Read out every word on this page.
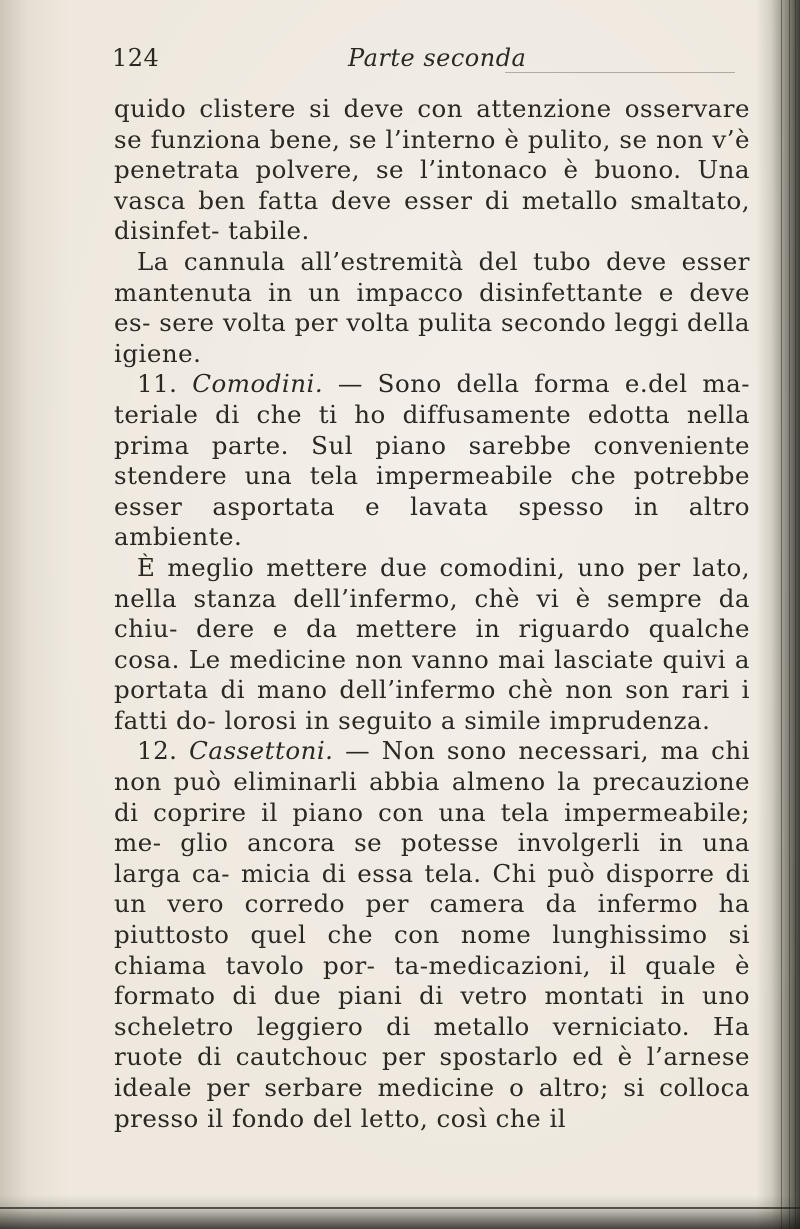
124	Parte seconda

quido clistere si deve con attenzione osservare se funziona bene, se l’interno è pulito, se non v’è penetrata polvere, se l’intonaco è buono. Una vasca ben fatta deve esser di metallo smaltato, disinfet- tabile.

La cannula all’estremità del tubo deve esser mantenuta in un impacco disinfettante e deve es- sere volta per volta pulita secondo leggi della igiene.

11. Comodini. — Sono della forma e.del ma- teriale di che ti ho diffusamente edotta nella prima parte. Sul piano sarebbe conveniente stendere una tela impermeabile che potrebbe esser asportata e lavata spesso in altro ambiente.

È meglio mettere due comodini, uno per lato, nella stanza dell’infermo, chè vi è sempre da chiu- dere e da mettere in riguardo qualche cosa. Le medicine non vanno mai lasciate quivi a portata di mano dell’infermo chè non son rari i fatti do- lorosi in seguito a simile imprudenza.

12. Cassettoni. — Non sono necessari, ma chi non può eliminarli abbia almeno la precauzione di coprire il piano con una tela impermeabile; me- glio ancora se potesse involgerli in una larga ca- micia di essa tela. Chi può disporre di un vero corredo per camera da infermo ha piuttosto quel che con nome lunghissimo si chiama tavolo por- ta-medicazioni, il quale è formato di due piani di vetro montati in uno scheletro leggiero di metallo verniciato. Ha ruote di cautchouc per spostarlo ed è l’arnese ideale per serbare medicine o altro; si colloca presso il fondo del letto, così che il
